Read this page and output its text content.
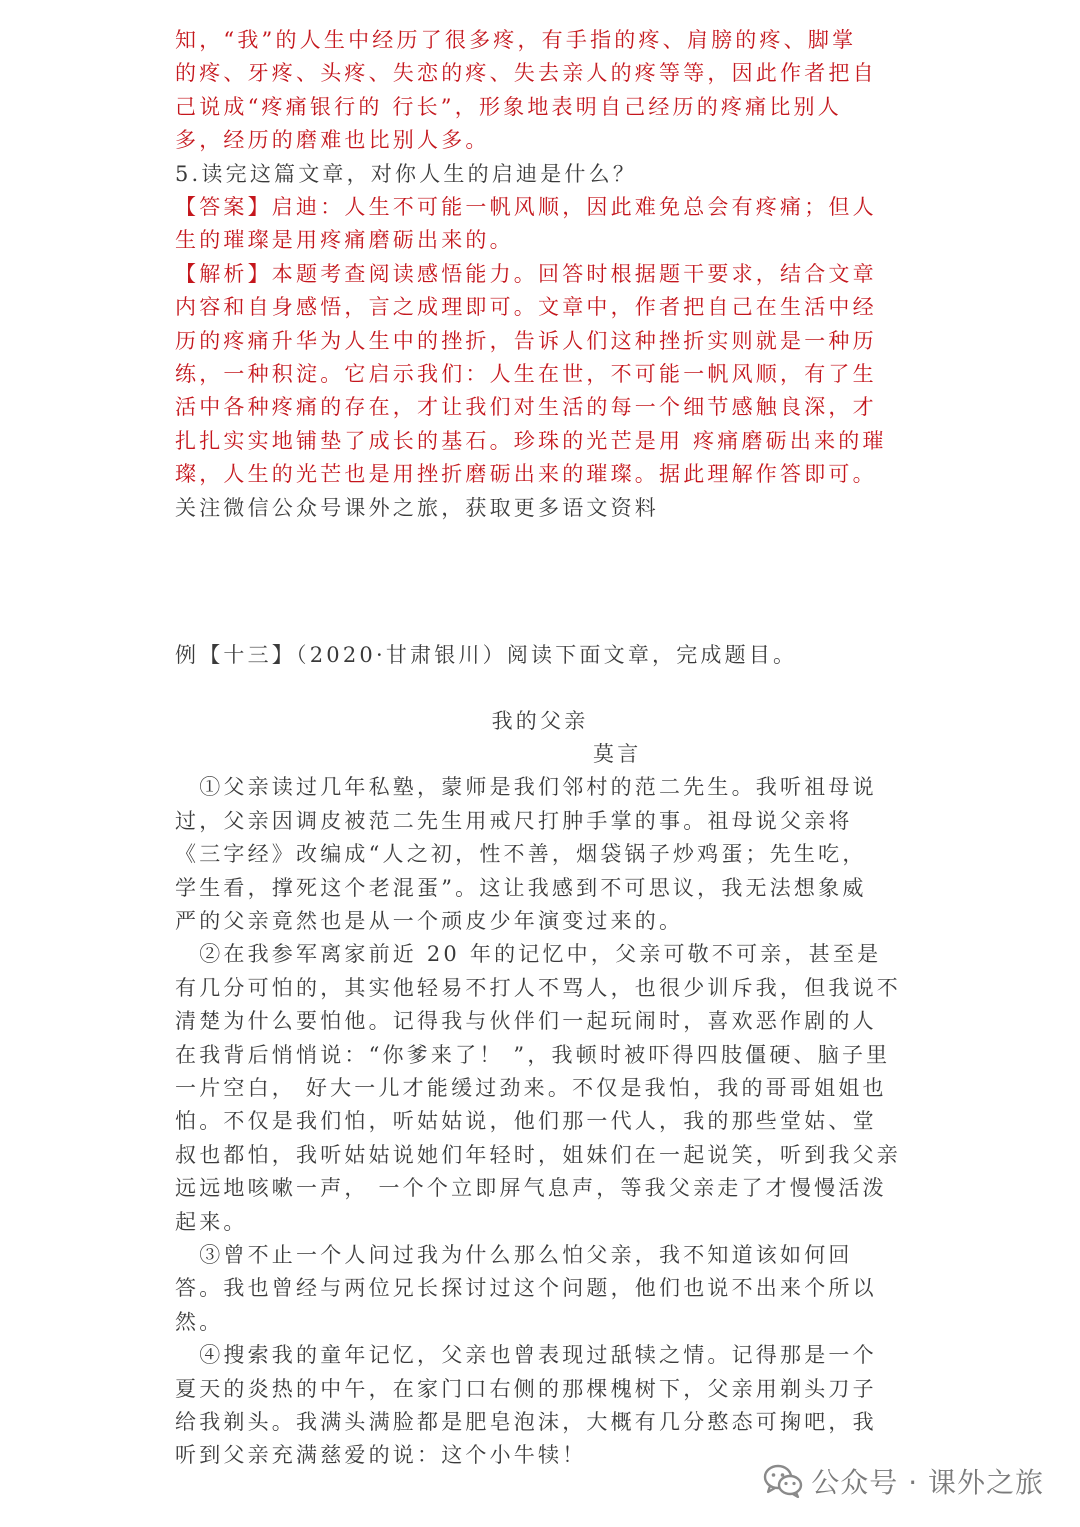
知，“我”的人生中经历了很多疼，有手指的疼、肩膀的疼、脚掌

的疼、牙疼、头疼、失恋的疼、失去亲人的疼等等，因此作者把自

己说成“疼痛银行的 行长”，形象地表明自己经历的疼痛比别人

多，经历的磨难也比别人多。

5.读完这篇文章，对你人生的启迪是什么？

【答案】启迪：人生不可能一帆风顺，因此难免总会有疼痛；但人

生的璀璨是用疼痛磨砺出来的。

【解析】本题考查阅读感悟能力。回答时根据题干要求，结合文章

内容和自身感悟，言之成理即可。文章中，作者把自己在生活中经

历的疼痛升华为人生中的挫折，告诉人们这种挫折实则就是一种历

练，一种积淀。它启示我们：人生在世，不可能一帆风顺，有了生

活中各种疼痛的存在，才让我们对生活的每一个细节感触良深，才

扎扎实实地铺垫了成长的基石。珍珠的光芒是用 疼痛磨砺出来的璀

璨，人生的光芒也是用挫折磨砺出来的璀璨。据此理解作答即可。

关注微信公众号课外之旅，获取更多语文资料

例【十三】（2020·甘肃银川）阅读下面文章，完成题目。

我的父亲

莫言

　①父亲读过几年私塾，蒙师是我们邻村的范二先生。我听祖母说

过，父亲因调皮被范二先生用戒尺打肿手掌的事。祖母说父亲将

《三字经》改编成“人之初，性不善，烟袋锅子炒鸡蛋；先生吃，

学生看，撑死这个老混蛋”。这让我感到不可思议，我无法想象威

严的父亲竟然也是从一个顽皮少年演变过来的。

　②在我参军离家前近 20 年的记忆中，父亲可敬不可亲，甚至是

有几分可怕的，其实他轻易不打人不骂人，也很少训斥我，但我说不

清楚为什么要怕他。记得我与伙伴们一起玩闹时，喜欢恶作剧的人

在我背后悄悄说：“你爹来了！ ”，我顿时被吓得四肢僵硬、脑子里

一片空白， 好大一儿才能缓过劲来。不仅是我怕，我的哥哥姐姐也

怕。不仅是我们怕，听姑姑说，他们那一代人，我的那些堂姑、堂

叔也都怕，我听姑姑说她们年轻时，姐妹们在一起说笑，听到我父亲

远远地咳嗽一声， 一个个立即屏气息声，等我父亲走了才慢慢活泼

起来。

　③曾不止一个人问过我为什么那么怕父亲，我不知道该如何回

答。我也曾经与两位兄长探讨过这个问题，他们也说不出来个所以

然。

　④搜索我的童年记忆，父亲也曾表现过舐犊之情。记得那是一个

夏天的炎热的中午，在家门口右侧的那棵槐树下，父亲用剃头刀子

给我剃头。我满头满脸都是肥皂泡沫，大概有几分憨态可掬吧，我

听到父亲充满慈爱的说：这个小牛犊！

公众号 · 课外之旅
